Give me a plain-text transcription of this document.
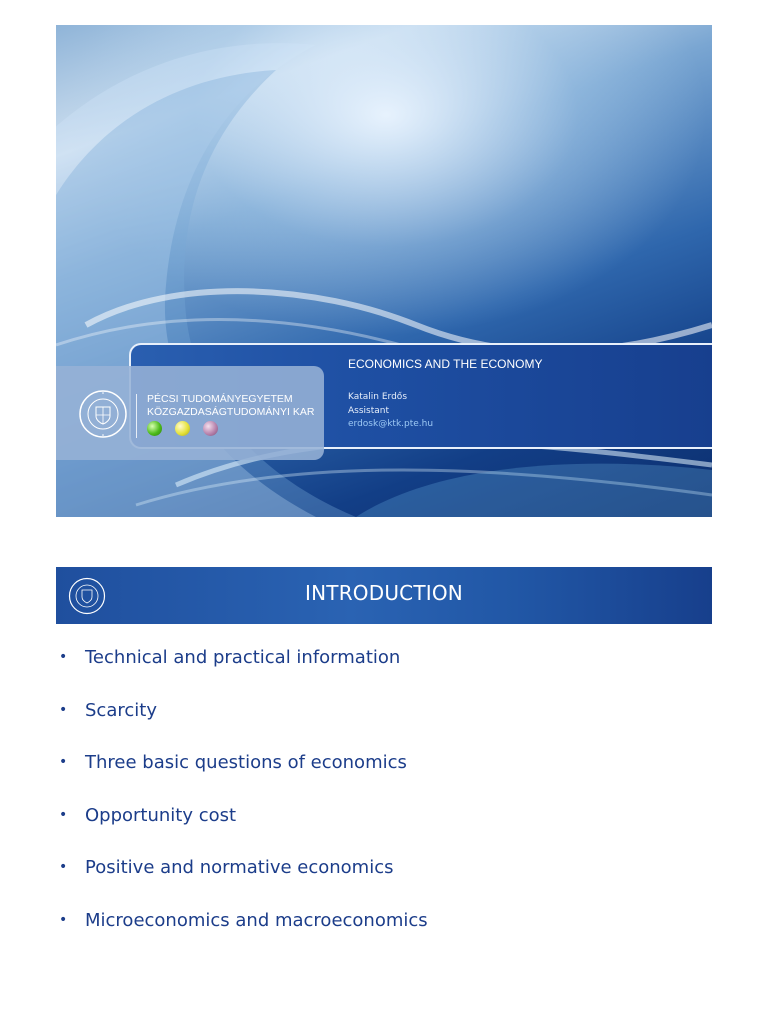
ECONOMICS AND THE ECONOMY
Katalin Erdős
Assistant
erdosk@ktk.pte.hu
PÉCSI TUDOMÁNYEGYETEM
KÖZGAZDASÁGTUDOMÁNYI KAR
INTRODUCTION
• Technical and practical information
• Scarcity
• Three basic questions of economics
• Opportunity cost
• Positive and normative economics
• Microeconomics and macroeconomics
